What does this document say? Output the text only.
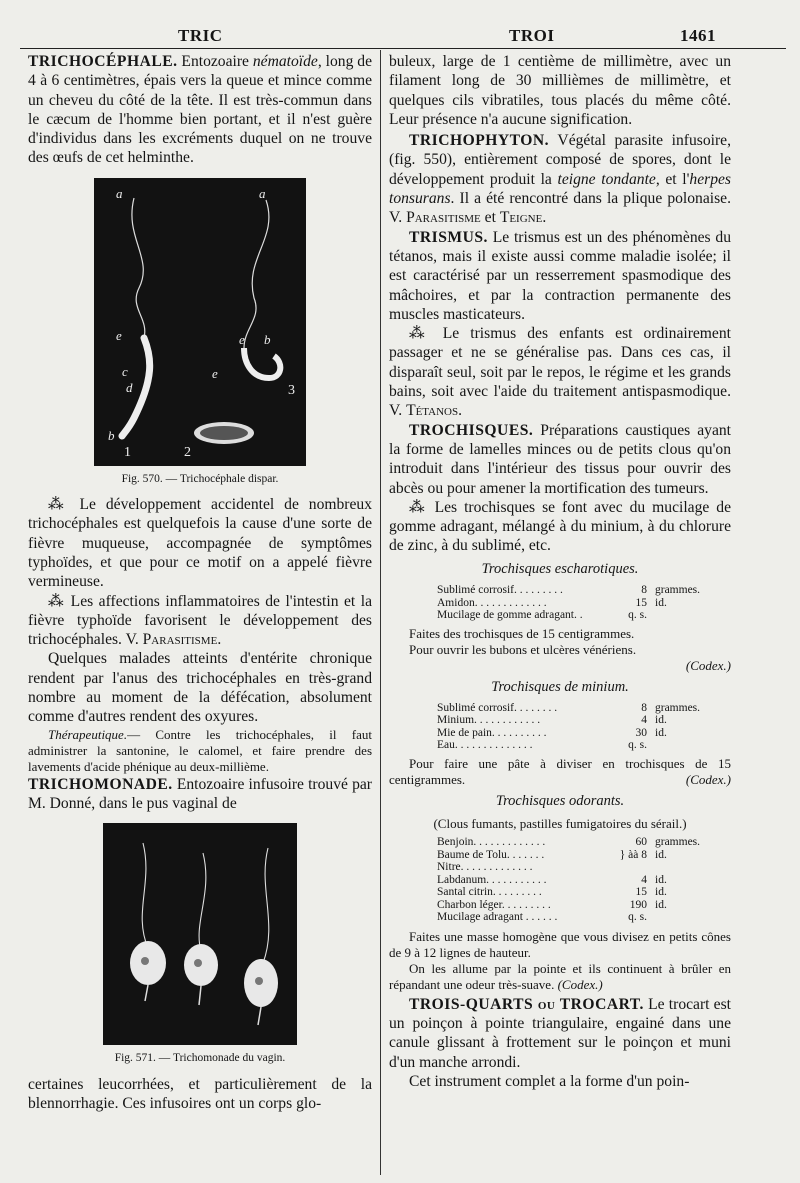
TRIC	TROI	1461

TRICHOCÉPHALE. Entozoaire nématoïde, long de 4 à 6 centimètres, épais vers la queue et mince comme un cheveu du côté de la tête. Il est très-commun dans le cæcum de l'homme bien portant, et il n'est guère d'individus dans les excréments duquel on ne trouve des œufs de cet helminthe.

a	a
e
c
d
b
1	2
e
e b
3
Fig. 570. — Trichocéphale dispar.

⁂ Le développement accidentel de nombreux trichocéphales est quelquefois la cause d'une sorte de fièvre muqueuse, accompagnée de symptômes typhoïdes, et que pour ce motif on a appelé fièvre vermineuse.

⁂ Les affections inflammatoires de l'intestin et la fièvre typhoïde favorisent le développement des trichocéphales. V. Parasitisme.

Quelques malades atteints d'entérite chronique rendent par l'anus des trichocéphales en très-grand nombre au moment de la défécation, absolument comme d'autres rendent des oxyures.

Thérapeutique.— Contre les trichocéphales, il faut administrer la santonine, le calomel, et faire prendre des lavements d'acide phénique au deux-millième.

TRICHOMONADE. Entozoaire infusoire trouvé par M. Donné, dans le pus vaginal de

Fig. 571. — Trichomonade du vagin.

certaines leucorrhées, et particulièrement de la blennorrhagie. Ces infusoires ont un corps glo-

buleux, large de 1 centième de millimètre, avec un filament long de 30 millièmes de millimètre, et quelques cils vibratiles, tous placés du même côté. Leur présence n'a aucune signification.

TRICHOPHYTON. Végétal parasite infusoire, (fig. 550), entièrement composé de spores, dont le développement produit la teigne tondante, et l'herpes tonsurans. Il a été rencontré dans la plique polonaise. V. Parasitisme et Teigne.

TRISMUS. Le trismus est un des phénomènes du tétanos, mais il existe aussi comme maladie isolée; il est caractérisé par un resserrement spasmodique des mâchoires, et par la contraction permanente des muscles masticateurs.

⁂ Le trismus des enfants est ordinairement passager et ne se généralise pas. Dans ces cas, il disparaît seul, soit par le repos, le régime et les grands bains, soit avec l'aide du traitement antispasmodique. V. Tétanos.

TROCHISQUES. Préparations caustiques ayant la forme de lamelles minces ou de petits clous qu'on introduit dans l'intérieur des tissus pour ouvrir des abcès ou pour amener la mortification des tumeurs.

⁂ Les trochisques se font avec du mucilage de gomme adragant, mélangé à du minium, à du chlorure de zinc, à du sublimé, etc.

Trochisques escharotiques.
Sublimé corrosif. . . . . . . . .	8	grammes.
Amidon. . . . . . . . . . . . .	15	id.
Mucilage de gomme adragant. .	q. s.	

Faites des trochisques de 15 centigrammes.

Pour ouvrir les bubons et ulcères vénériens.

(Codex.)

Trochisques de minium.
Sublimé corrosif. . . . . . . .	8	grammes.
Minium. . . . . . . . . . . .	4	id.
Mie de pain. . . . . . . . . .	30	id.
Eau. . . . . . . . . . . . . .	q. s.	

Pour faire une pâte à diviser en trochisques de 15 centigrammes.	(Codex.)

Trochisques odorants.
(Clous fumants, pastilles fumigatoires du sérail.)
Benjoin. . . . . . . . . . . . .	60	grammes.
Baume de Tolu. . . . . . .	} àà 8	id.
Nitre. . . . . . . . . . . . .		
Labdanum. . . . . . . . . . .	4	id.
Santal citrin. . . . . . . . .	15	id.
Charbon léger. . . . . . . . .	190	id.
Mucilage adragant . . . . . .	q. s.	

Faites une masse homogène que vous divisez en petits cônes de 9 à 12 lignes de hauteur.

On les allume par la pointe et ils continuent à brûler en répandant une odeur très-suave. (Codex.)

TROIS-QUARTS ou TROCART. Le trocart est un poinçon à pointe triangulaire, engainé dans une canule glissant à frottement sur le poinçon et muni d'un manche arrondi.

Cet instrument complet a la forme d'un poin-
